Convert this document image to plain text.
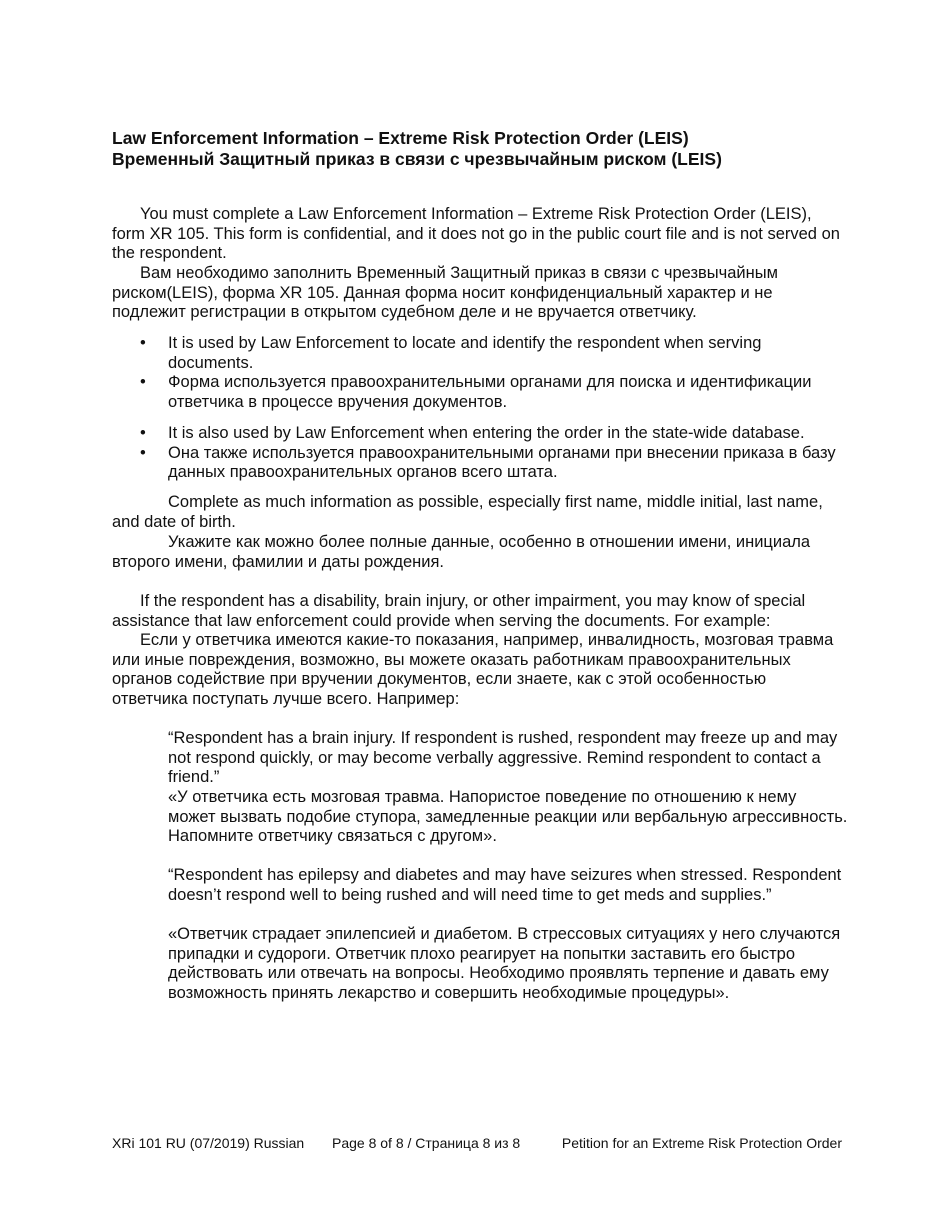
Law Enforcement Information – Extreme Risk Protection Order (LEIS)
Временный Защитный приказ в связи с чрезвычайным риском (LEIS)

You must complete a Law Enforcement Information – Extreme Risk Protection Order (LEIS), form XR 105. This form is confidential, and it does not go in the public court file and is not served on the respondent.

Вам необходимо заполнить Временный Защитный приказ в связи с чрезвычайным риском(LEIS), форма XR 105. Данная форма носит конфиденциальный характер и не подлежит регистрации в открытом судебном деле и не вручается ответчику.

• It is used by Law Enforcement to locate and identify the respondent when serving documents.
• Форма используется правоохранительными органами для поиска и идентификации ответчика в процессе вручения документов.
• It is also used by Law Enforcement when entering the order in the state-wide database.
• Она также используется правоохранительными органами при внесении приказа в базу данных правоохранительных органов всего штата.

Complete as much information as possible, especially first name, middle initial, last name, and date of birth.

Укажите как можно более полные данные, особенно в отношении имени, инициала второго имени, фамилии и даты рождения.

If the respondent has a disability, brain injury, or other impairment, you may know of special assistance that law enforcement could provide when serving the documents. For example:

Если у ответчика имеются какие-то показания, например, инвалидность, мозговая травма или иные повреждения, возможно, вы можете оказать работникам правоохранительных органов содействие при вручении документов, если знаете, как с этой особенностью ответчика поступать лучше всего. Например:

“Respondent has a brain injury. If respondent is rushed, respondent may freeze up and may not respond quickly, or may become verbally aggressive. Remind respondent to contact a friend.”

«У ответчика есть мозговая травма. Напористое поведение по отношению к нему может вызвать подобие ступора, замедленные реакции или вербальную агрессивность. Напомните ответчику связаться с другом».

“Respondent has epilepsy and diabetes and may have seizures when stressed. Respondent doesn’t respond well to being rushed and will need time to get meds and supplies.”

«Ответчик страдает эпилепсией и диабетом. В стрессовых ситуациях у него случаются припадки и судороги. Ответчик плохо реагирует на попытки заставить его быстро действовать или отвечать на вопросы. Необходимо проявлять терпение и давать ему возможность принять лекарство и совершить необходимые процедуры».

XRi 101 RU (07/2019) Russian Page 8 of 8 / Страница 8 из 8	Petition for an Extreme Risk Protection Order
